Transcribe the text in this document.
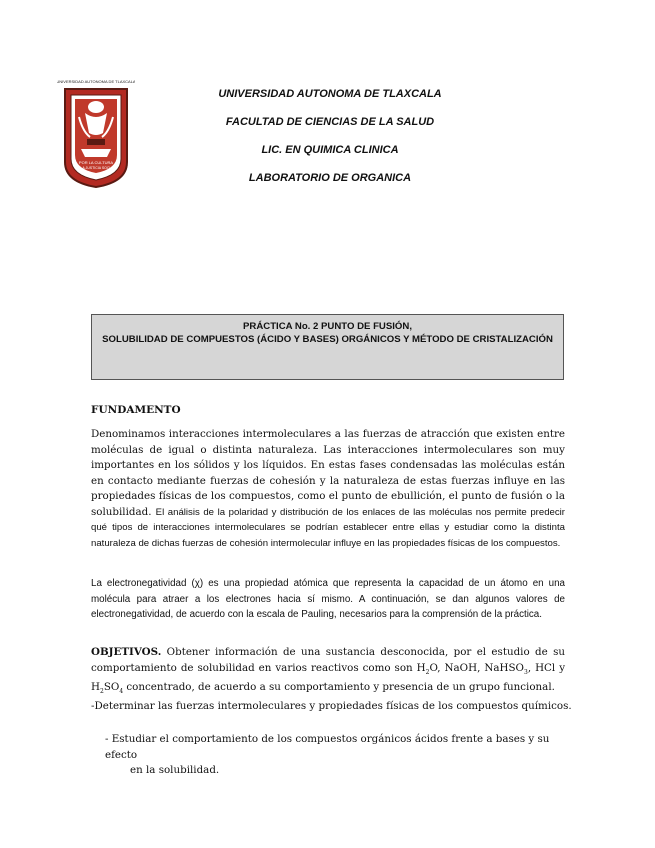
UNIVERSIDAD AUTONOMA DE TLAXCALA
POR LA CULTURA
A LA JUSTICIA SOCIAL
UNIVERSIDAD AUTONOMA DE TLAXCALA
FACULTAD DE CIENCIAS DE LA SALUD
LIC. EN QUIMICA CLINICA
LABORATORIO DE ORGANICA
PRÁCTICA No. 2 PUNTO DE FUSIÓN,
SOLUBILIDAD DE COMPUESTOS (ÁCIDO Y BASES) ORGÁNICOS Y MÉTODO DE CRISTALIZACIÓN
FUNDAMENTO
Denominamos interacciones intermoleculares a las fuerzas de atracción que existen entre moléculas de igual o distinta naturaleza. Las interacciones intermoleculares son muy importantes en los sólidos y los líquidos. En estas fases condensadas las moléculas están en contacto mediante fuerzas de cohesión y la naturaleza de estas fuerzas influye en las propiedades físicas de los compuestos, como el punto de ebullición, el punto de fusión o la solubilidad. El análisis de la polaridad y distribución de los enlaces de las moléculas nos permite predecir qué tipos de interacciones intermoleculares se podrían establecer entre ellas y estudiar como la distinta naturaleza de dichas fuerzas de cohesión intermolecular influye en las propiedades físicas de los compuestos.
La electronegatividad (χ) es una propiedad atómica que representa la capacidad de un átomo en una molécula para atraer a los electrones hacia sí mismo. A continuación, se dan algunos valores de electronegatividad, de acuerdo con la escala de Pauling, necesarios para la comprensión de la práctica.
OBJETIVOS. Obtener información de una sustancia desconocida, por el estudio de su comportamiento de solubilidad en varios reactivos como son $H_2O$, NaOH, NaHSO$_3$, HCl y $H_2SO_4$ concentrado, de acuerdo a su comportamiento y presencia de un grupo funcional.
-Determinar las fuerzas intermoleculares y propiedades físicas de los compuestos químicos.
- Estudiar el comportamiento de los compuestos orgánicos ácidos frente a bases y su efecto
en la solubilidad.
